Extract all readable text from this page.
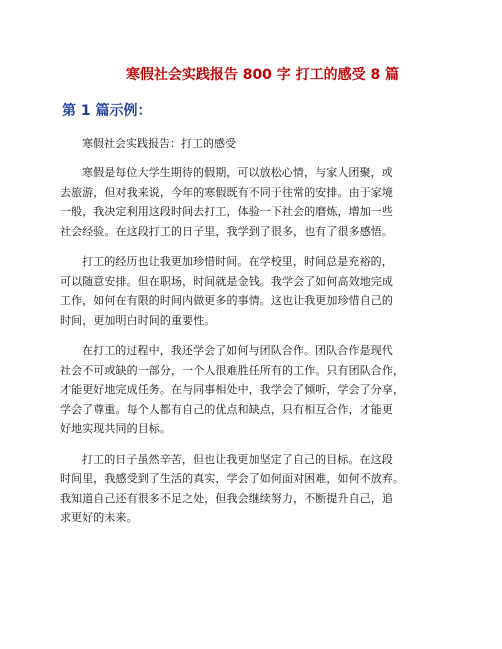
寒假社会实践报告 800 字 打工的感受 8 篇
第 1 篇示例：
寒假社会实践报告：打工的感受
寒假是每位大学生期待的假期，可以放松心情，与家人团聚，或
去旅游，但对我来说，今年的寒假既有不同于往常的安排。由于家境
一般，我决定利用这段时间去打工，体验一下社会的磨炼，增加一些
社会经验。在这段打工的日子里，我学到了很多，也有了很多感悟。
打工的经历也让我更加珍惜时间。在学校里，时间总是充裕的，
可以随意安排。但在职场，时间就是金钱。我学会了如何高效地完成
工作，如何在有限的时间内做更多的事情。这也让我更加珍惜自己的
时间，更加明白时间的重要性。
在打工的过程中，我还学会了如何与团队合作。团队合作是现代
社会不可或缺的一部分，一个人很难胜任所有的工作。只有团队合作，
才能更好地完成任务。在与同事相处中，我学会了倾听，学会了分享，
学会了尊重。每个人都有自己的优点和缺点，只有相互合作，才能更
好地实现共同的目标。
打工的日子虽然辛苦，但也让我更加坚定了自己的目标。在这段
时间里，我感受到了生活的真实，学会了如何面对困难，如何不放弃。
我知道自己还有很多不足之处，但我会继续努力，不断提升自己，追
求更好的未来。
